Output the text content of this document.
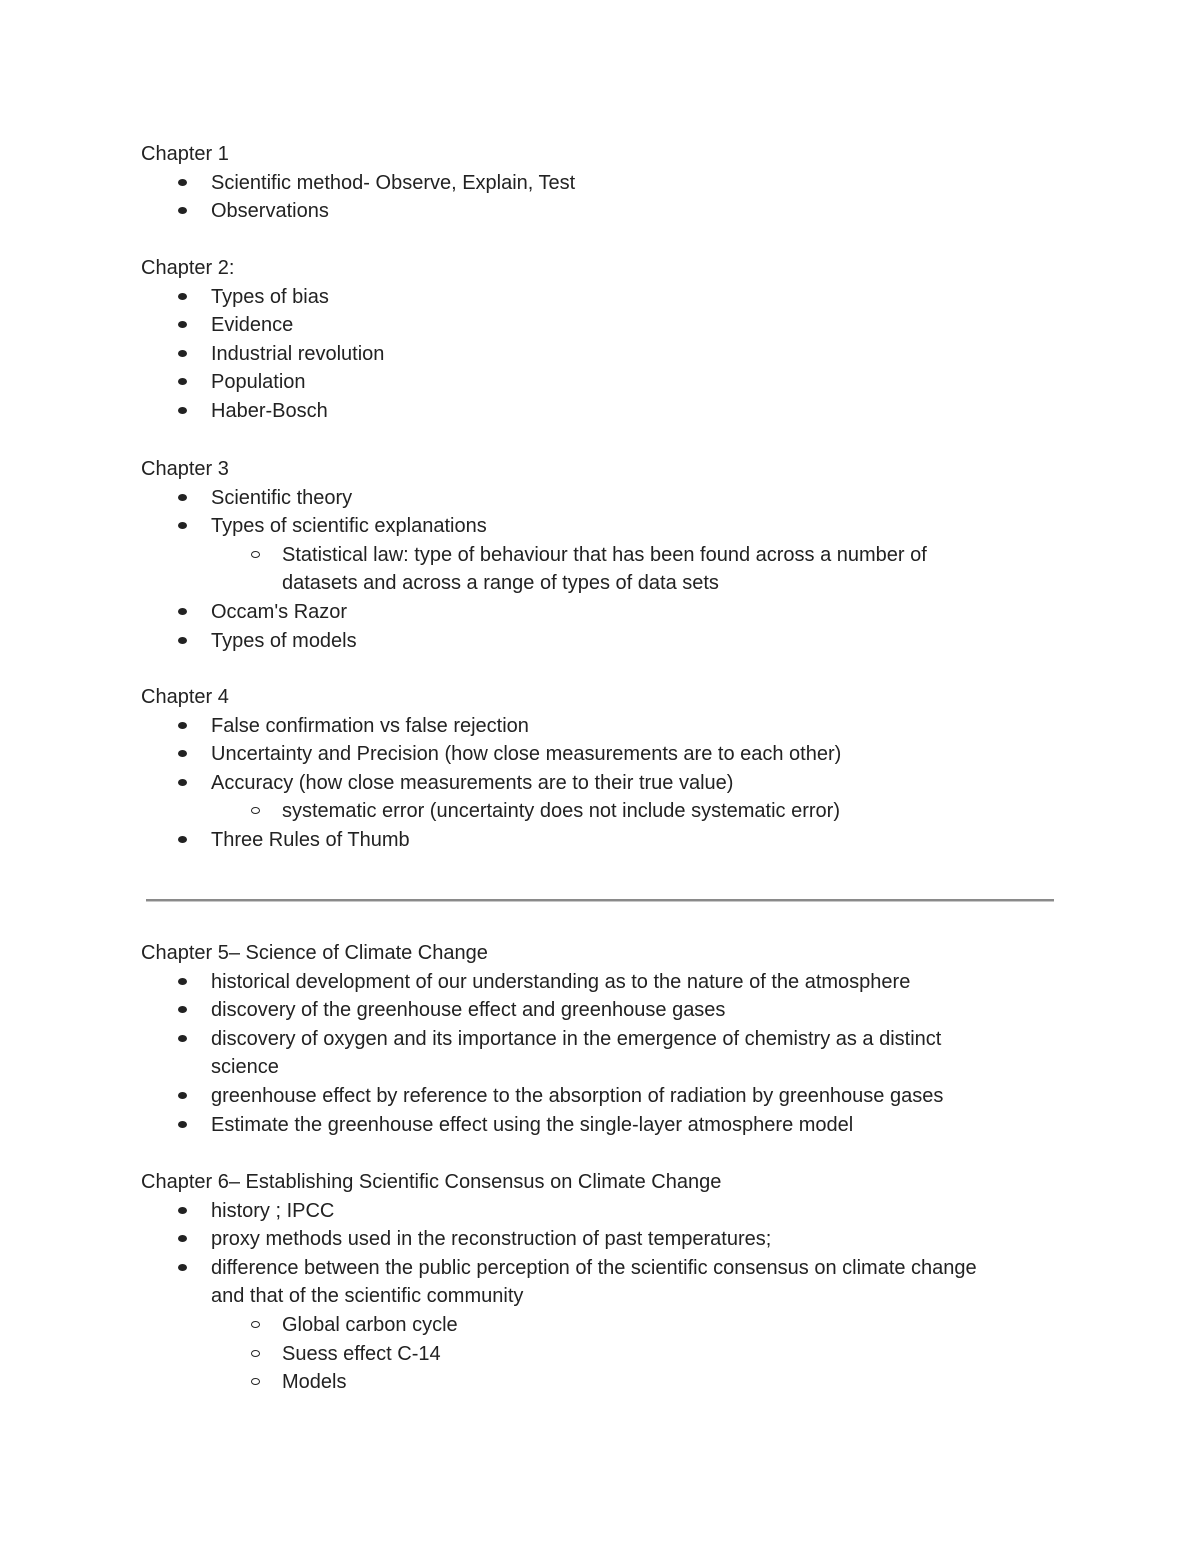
Chapter 1
Scientific method- Observe, Explain, Test
Observations
Chapter 2:
Types of bias
Evidence
Industrial revolution
Population
Haber-Bosch
Chapter 3
Scientific theory
Types of scientific explanations
Statistical law: type of behaviour that has been found across a number of
datasets and across a range of types of data sets
Occam's Razor
Types of models
Chapter 4
False confirmation vs false rejection
Uncertainty and Precision (how close measurements are to each other)
Accuracy (how close measurements are to their true value)
systematic error (uncertainty does not include systematic error)
Three Rules of Thumb
Chapter 5– Science of Climate Change
historical development of our understanding as to the nature of the atmosphere
discovery of the greenhouse effect and greenhouse gases
discovery of oxygen and its importance in the emergence of chemistry as a distinct
science
greenhouse effect by reference to the absorption of radiation by greenhouse gases
Estimate the greenhouse effect using the single-layer atmosphere model
Chapter 6– Establishing Scientific Consensus on Climate Change
history ; IPCC
proxy methods used in the reconstruction of past temperatures;
difference between the public perception of the scientific consensus on climate change
and that of the scientific community
Global carbon cycle
Suess effect C-14
Models
